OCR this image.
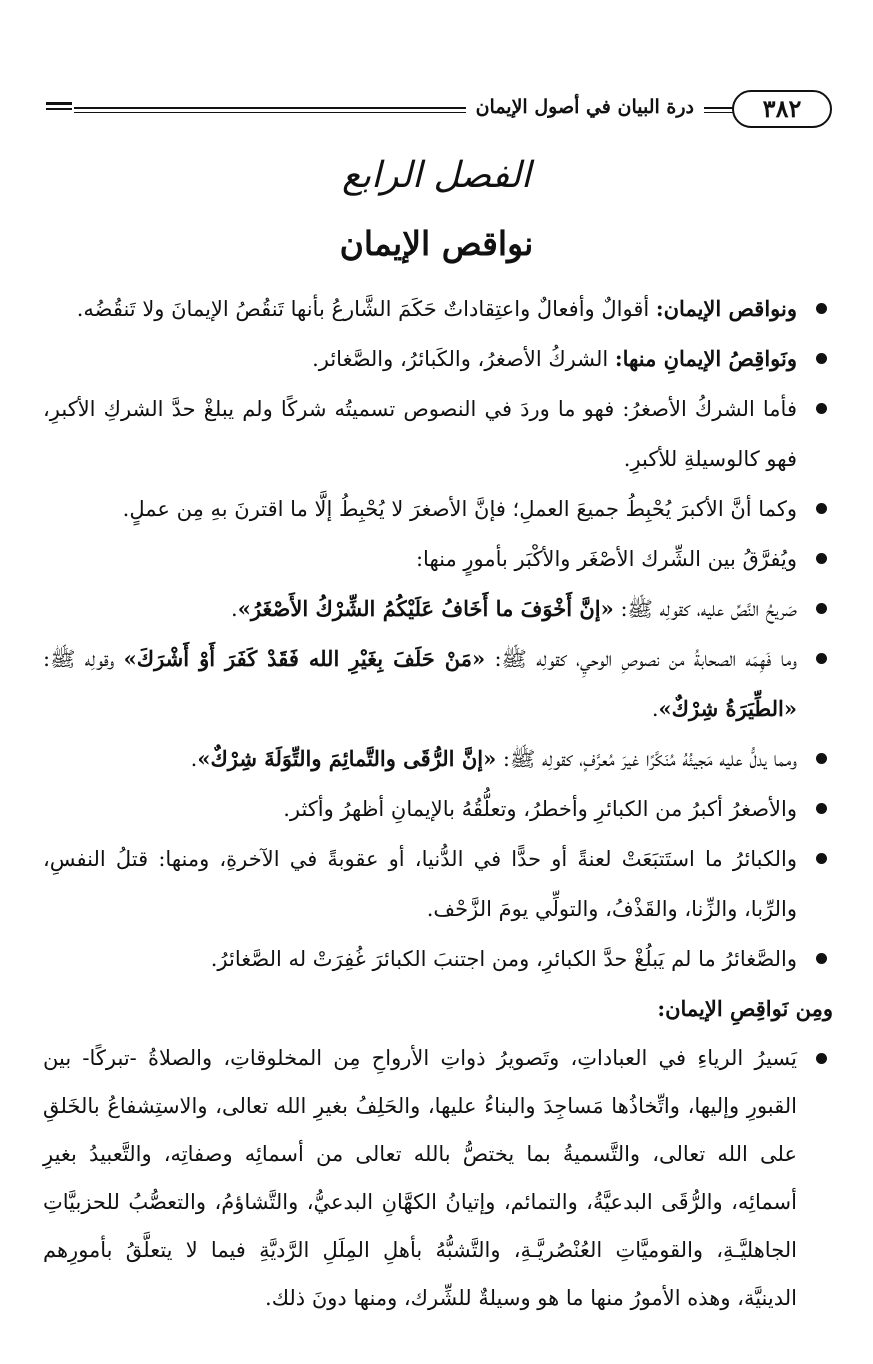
درة البيان في أصول الإيمان	٣٨٢
الفصل الرابع
نواقص الإيمان

ونواقص الإيمان: أقوالٌ وأفعالٌ واعتِقاداتٌ حَكَمَ الشَّارعُ بأنها تَنقُصُ الإيمانَ ولا تَنقُضُه.

ونَواقِصُ الإيمانِ منها: الشركُ الأصغرُ، والكَبائرُ، والصَّغائر.

فأما الشركُ الأصغرُ: فهو ما وردَ في النصوص تسميتُه شركًا ولم يبلغْ حدَّ الشركِ الأكبرِ، فهو كالوسيلةِ للأكبرِ.

وكما أنَّ الأكبرَ يُحْبِطُ جميعَ العملِ؛ فإنَّ الأصغرَ لا يُحْبِطُ إلَّا ما اقترنَ بهِ مِن عملٍ.

ويُفرَّقُ بين الشِّرك الأصْغَر والأكْبَر بأمورٍ منها:

صَريحُ النَّصِّ عليه، كقولِه ﷺ: «إنَّ أَخْوَفَ ما أَخَافُ عَلَيْكُمُ الشِّرْكُ الأَصْغَرُ».

وما فَهِمَه الصحابةُ من نصوصِ الوحيِ، كقولِه ﷺ: «مَنْ حَلَفَ بِغَيْرِ الله فَقَدْ كَفَرَ أَوْ أَشْرَكَ» وقولِه ﷺ: «الطِّيَرَةُ شِرْكٌ».

ومما يدلُّ عليه مَجيئُهُ مُنَكَّرًا غيرَ مُعرَّفٍ، كقولِه ﷺ: «إنَّ الرُّقَى والتَّمائِمَ والتِّوَلَةَ شِرْكٌ».

والأصغرُ أكبرُ من الكبائرِ وأخطرُ، وتعلُّقُهُ بالإيمانِ أظهرُ وأكثر.

والكبائرُ ما استَتبَعَتْ لعنةً أو حدًّا في الدُّنيا، أو عقوبةً في الآخرةِ، ومنها: قتلُ النفسِ، والرِّبا، والزِّنا، والقَذْفُ، والتولِّي يومَ الزَّحْف.

والصَّغائرُ ما لم يَبلُغْ حدَّ الكبائرِ، ومن اجتنبَ الكبائرَ غُفِرَتْ له الصَّغائرُ.

ومِن نَواقِصِ الإيمان:

يَسيرُ الرياءِ في العباداتِ، وتَصويرُ ذواتِ الأرواحِ مِن المخلوقاتِ، والصلاةُ -تبركًا- بين القبورِ وإليها، واتِّخاذُها مَساجِدَ والبناءُ عليها، والحَلِفُ بغيرِ الله تعالى، والاستِشفاعُ بالخَلقِ على الله تعالى، والتَّسميةُ بما يختصُّ بالله تعالى من أسمائِه وصفاتِه، والتَّعبيدُ بغيرِ أسمائِه، والرُّقَى البدعيَّةُ، والتمائم، وإتيانُ الكهَّانِ البدعيُّ، والتَّشاؤمُ، والتعصُّبُ للحزبيَّاتِ الجاهليَّـةِ، والقوميَّاتِ العُنْصُريَّـةِ، والتَّشبُّهُ بأهلِ المِلَلِ الرَّديَّةِ فيما لا يتعلَّقُ بأمورِهم الدينيَّة، وهذه الأمورُ منها ما هو وسيلةٌ للشِّرك، ومنها دونَ ذلك.
